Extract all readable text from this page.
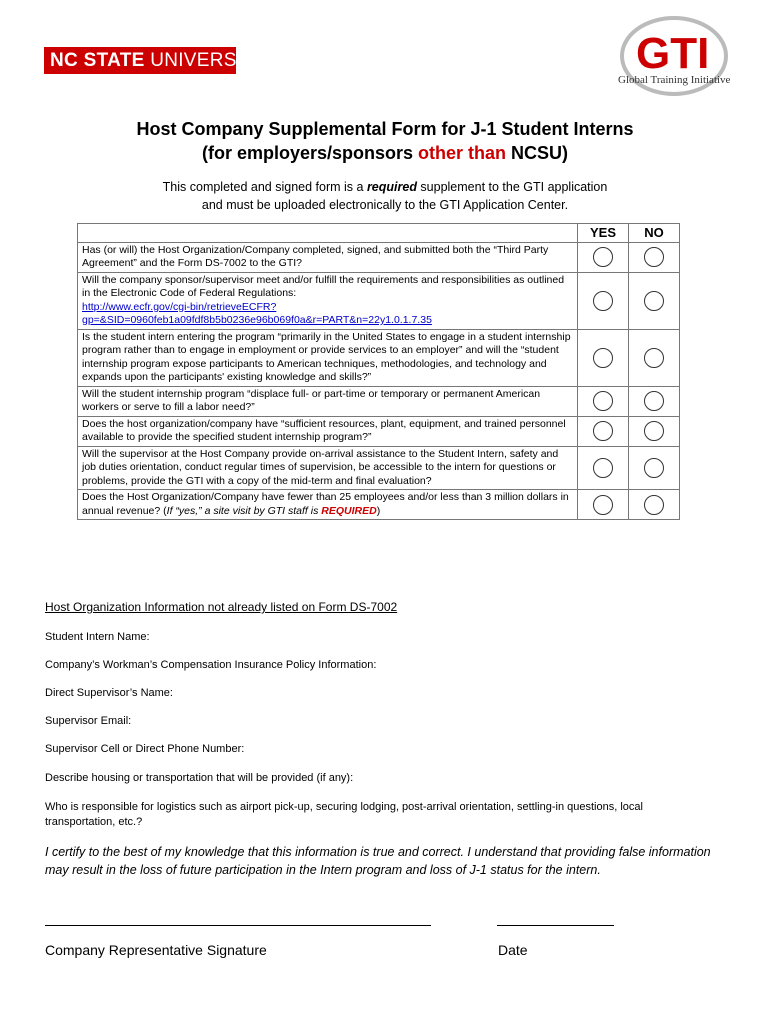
NC STATE UNIVERSITY	GTI
Global Training Initiative
Host Company Supplemental Form for J-1 Student Interns
(for employers/sponsors other than NCSU)
This completed and signed form is a required supplement to the GTI application
and must be uploaded electronically to the GTI Application Center.
	YES	NO
Has (or will) the Host Organization/Company completed, signed, and submitted both the “Third Party Agreement” and the Form DS-7002 to the GTI?		
Will the company sponsor/supervisor meet and/or fulfill the requirements and responsibilities as outlined in the Electronic Code of Federal Regulations:
http://www.ecfr.gov/cgi-bin/retrieveECFR?gp=&SID=0960feb1a09fdf8b5b0236e96b069f0a&r=PART&n=22y1.0.1.7.35		
Is the student intern entering the program “primarily in the United States to engage in a student internship program rather than to engage in employment or provide services to an employer” and will the “student internship program expose participants to American techniques, methodologies, and technology and expands upon the participants' existing knowledge and skills?”		
Will the student internship program “displace full- or part-time or temporary or permanent American workers or serve to fill a labor need?”		
Does the host organization/company have “sufficient resources, plant, equipment, and trained personnel available to provide the specified student internship program?”		
Will the supervisor at the Host Company provide on-arrival assistance to the Student Intern, safety and job duties orientation, conduct regular times of supervision, be accessible to the intern for questions or problems, provide the GTI with a copy of the mid-term and final evaluation?		
Does the Host Organization/Company have fewer than 25 employees and/or less than 3 million dollars in annual revenue? (If “yes,” a site visit by GTI staff is REQUIRED)		
Host Organization Information not already listed on Form DS-7002
Student Intern Name:
Company’s Workman’s Compensation Insurance Policy Information:
Direct Supervisor’s Name:
Supervisor Email:
Supervisor Cell or Direct Phone Number:
Describe housing or transportation that will be provided (if any):
Who is responsible for logistics such as airport pick-up, securing lodging, post-arrival orientation, settling-in questions, local transportation, etc.?
I certify to the best of my knowledge that this information is true and correct. I understand that providing false information may result in the loss of future participation in the Intern program and loss of J-1 status for the intern.
Company Representative Signature	Date
